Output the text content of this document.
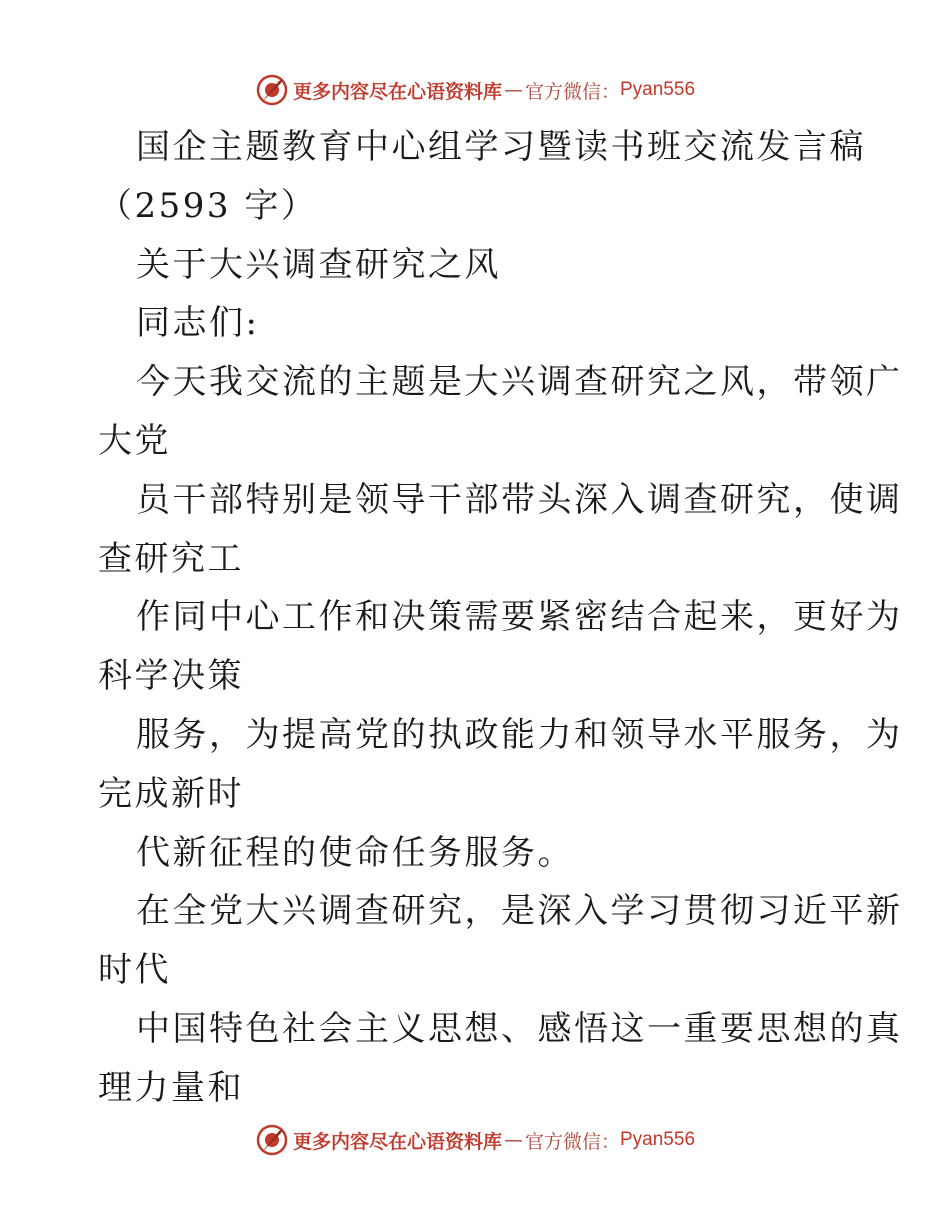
更多内容尽在心语资料库 — 官方微信： Pyan556
国企主题教育中心组学习暨读书班交流发言稿
（2593 字）
关于大兴调查研究之风
同志们:
今天我交流的主题是大兴调查研究之风，带领广
大党
员干部特别是领导干部带头深入调查研究，使调
查研究工
作同中心工作和决策需要紧密结合起来，更好为
科学决策
服务，为提高党的执政能力和领导水平服务，为
完成新时
代新征程的使命任务服务。
在全党大兴调查研究，是深入学习贯彻习近平新
时代
中国特色社会主义思想、感悟这一重要思想的真
理力量和
更多内容尽在心语资料库 — 官方微信： Pyan556
